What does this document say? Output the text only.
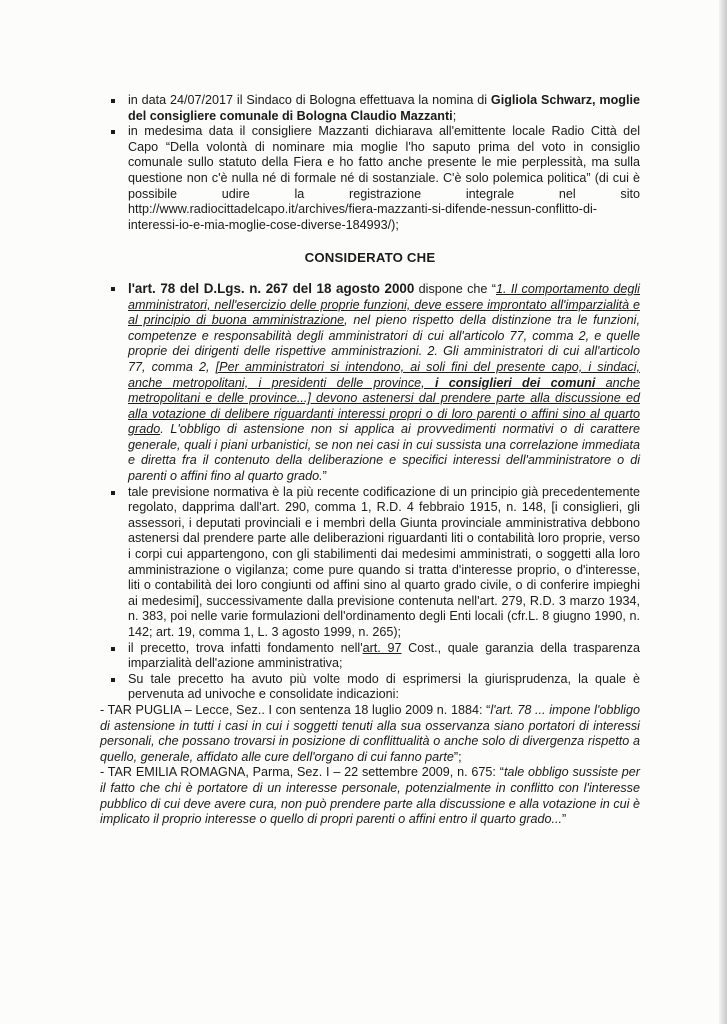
in data 24/07/2017 il Sindaco di Bologna effettuava la nomina di Gigliola Schwarz, moglie del consigliere comunale di Bologna Claudio Mazzanti;
in medesima data il consigliere Mazzanti dichiarava all'emittente locale Radio Città del Capo “Della volontà di nominare mia moglie l'ho saputo prima del voto in consiglio comunale sullo statuto della Fiera e ho fatto anche presente le mie perplessità, ma sulla questione non c'è nulla né di formale né di sostanziale. C'è solo polemica politica” (di cui è possibile udire la registrazione integrale nel sito http://www.radiocittadelcapo.it/archives/fiera-mazzanti-si-difende-nessun-conflitto-di-interessi-io-e-mia-moglie-cose-diverse-184993/);
CONSIDERATO CHE
l'art. 78 del D.Lgs. n. 267 del 18 agosto 2000 dispone che “1. Il comportamento degli amministratori, nell'esercizio delle proprie funzioni, deve essere improntato all'imparzialità e al principio di buona amministrazione, nel pieno rispetto della distinzione tra le funzioni, competenze e responsabilità degli amministratori di cui all'articolo 77, comma 2, e quelle proprie dei dirigenti delle rispettive amministrazioni. 2. Gli amministratori di cui all'articolo 77, comma 2, [Per amministratori si intendono, ai soli fini del presente capo, i sindaci, anche metropolitani, i presidenti delle province, i consiglieri dei comuni anche metropolitani e delle province...] devono astenersi dal prendere parte alla discussione ed alla votazione di delibere riguardanti interessi propri o di loro parenti o affini sino al quarto grado. L'obbligo di astensione non si applica ai provvedimenti normativi o di carattere generale, quali i piani urbanistici, se non nei casi in cui sussista una correlazione immediata e diretta fra il contenuto della deliberazione e specifici interessi dell'amministratore o di parenti o affini fino al quarto grado.”
tale previsione normativa è la più recente codificazione di un principio già precedentemente regolato, dapprima dall'art. 290, comma 1, R.D. 4 febbraio 1915, n. 148, [i consiglieri, gli assessori, i deputati provinciali e i membri della Giunta provinciale amministrativa debbono astenersi dal prendere parte alle deliberazioni riguardanti liti o contabilità loro proprie, verso i corpi cui appartengono, con gli stabilimenti dai medesimi amministrati, o soggetti alla loro amministrazione o vigilanza; come pure quando si tratta d'interesse proprio, o d'interesse, liti o contabilità dei loro congiunti od affini sino al quarto grado civile, o di conferire impieghi ai medesimi], successivamente dalla previsione contenuta nell'art. 279, R.D. 3 marzo 1934, n. 383, poi nelle varie formulazioni dell'ordinamento degli Enti locali (cfr.L. 8 giugno 1990, n. 142; art. 19, comma 1, L. 3 agosto 1999, n. 265);
il precetto, trova infatti fondamento nell'art. 97 Cost., quale garanzia della trasparenza imparzialità dell'azione amministrativa;
Su tale precetto ha avuto più volte modo di esprimersi la giurisprudenza, la quale è pervenuta ad univoche e consolidate indicazioni:

- TAR PUGLIA – Lecce, Sez.. I con sentenza 18 luglio 2009 n. 1884: “l'art. 78 ... impone l'obbligo di astensione in tutti i casi in cui i soggetti tenuti alla sua osservanza siano portatori di interessi personali, che possano trovarsi in posizione di conflittualità o anche solo di divergenza rispetto a quello, generale, affidato alle cure dell'organo di cui fanno parte”;

- TAR EMILIA ROMAGNA, Parma, Sez. I – 22 settembre 2009, n. 675: “tale obbligo sussiste per il fatto che chi è portatore di un interesse personale, potenzialmente in conflitto con l'interesse pubblico di cui deve avere cura, non può prendere parte alla discussione e alla votazione in cui è implicato il proprio interesse o quello di propri parenti o affini entro il quarto grado...”
